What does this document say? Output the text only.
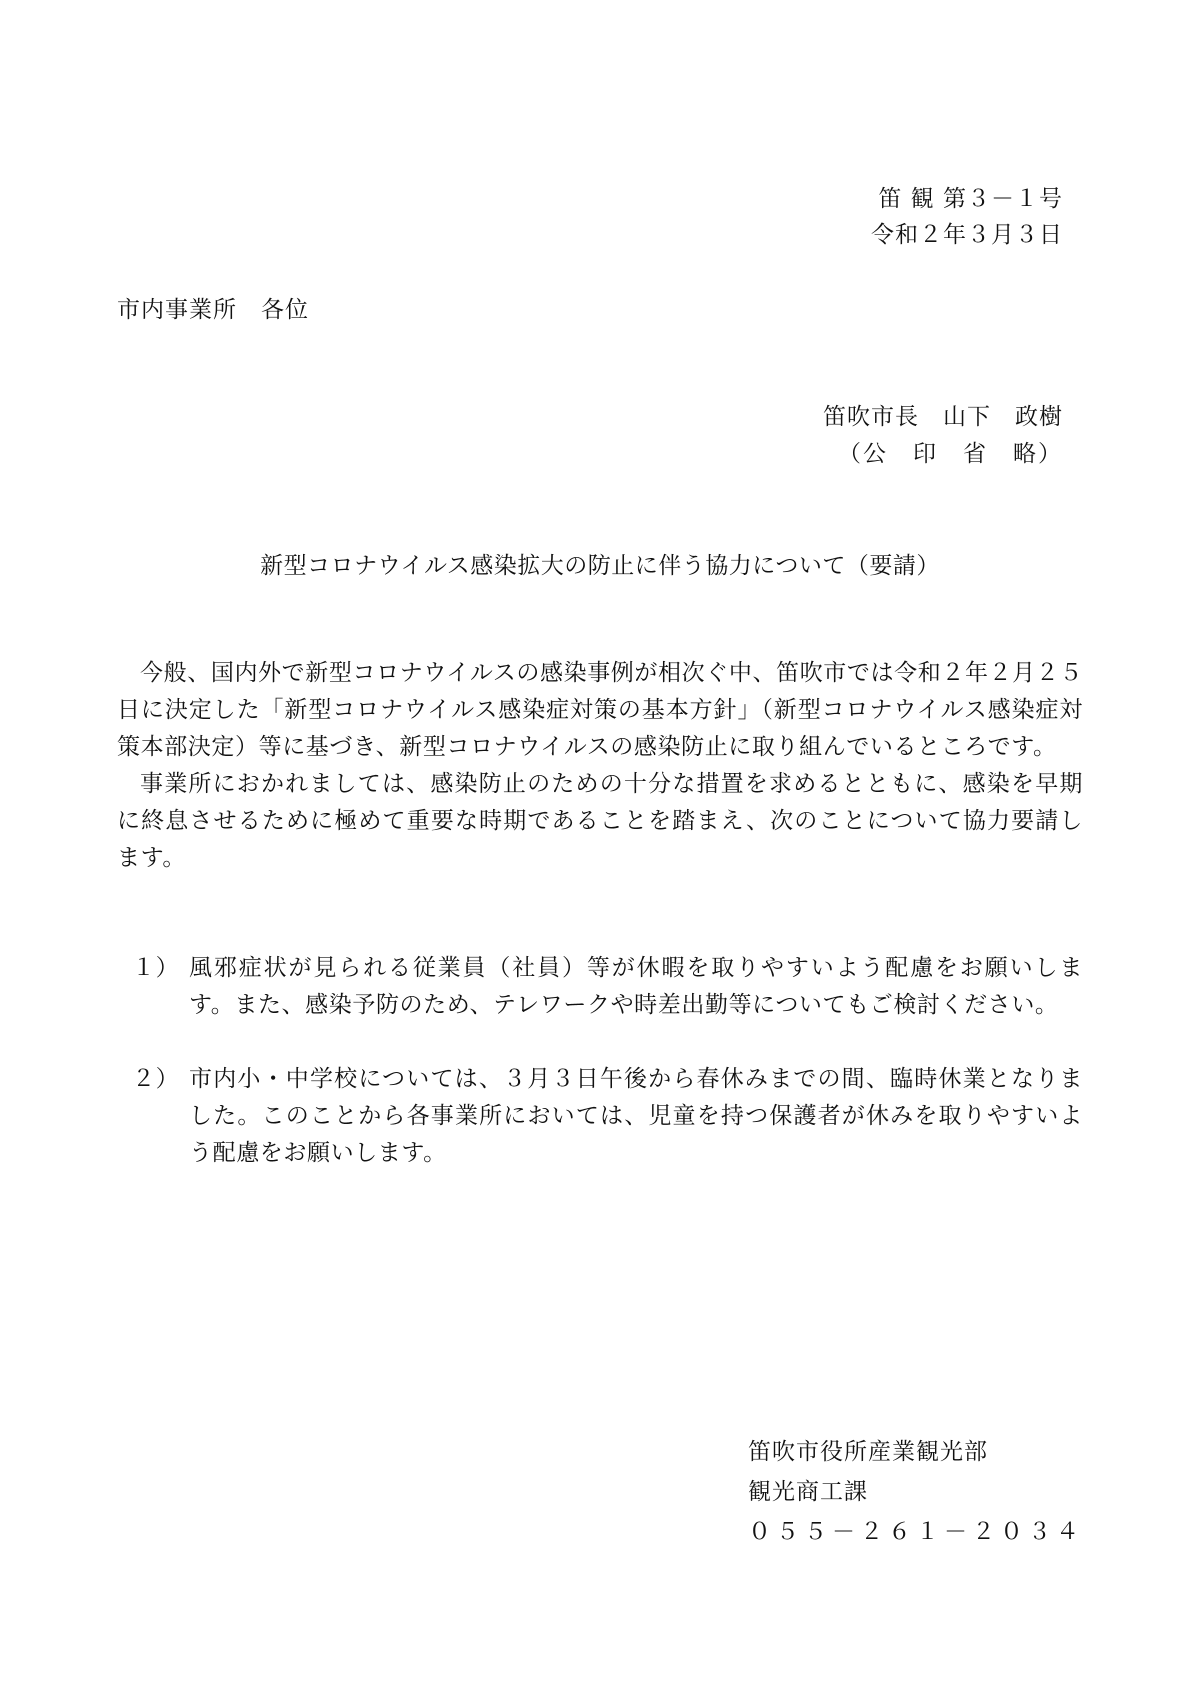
笛 観 第３－１号
令和２年３月３日
市内事業所　各位
笛吹市長　山下　政樹
（公　印　省　略）
新型コロナウイルス感染拡大の防止に伴う協力について（要請）

今般、国内外で新型コロナウイルスの感染事例が相次ぐ中、笛吹市では令和２年２月２５日に決定した「新型コロナウイルス感染症対策の基本方針」（新型コロナウイルス感染症対策本部決定）等に基づき、新型コロナウイルスの感染防止に取り組んでいるところです。

事業所におかれましては、感染防止のための十分な措置を求めるとともに、感染を早期に終息させるために極めて重要な時期であることを踏まえ、次のことについて協力要請します。

１） 風邪症状が見られる従業員（社員）等が休暇を取りやすいよう配慮をお願いします。また、感染予防のため、テレワークや時差出勤等についてもご検討ください。
２） 市内小・中学校については、３月３日午後から春休みまでの間、臨時休業となりました。このことから各事業所においては、児童を持つ保護者が休みを取りやすいよう配慮をお願いします。
笛吹市役所産業観光部
観光商工課
０５５－２６１－２０３４
